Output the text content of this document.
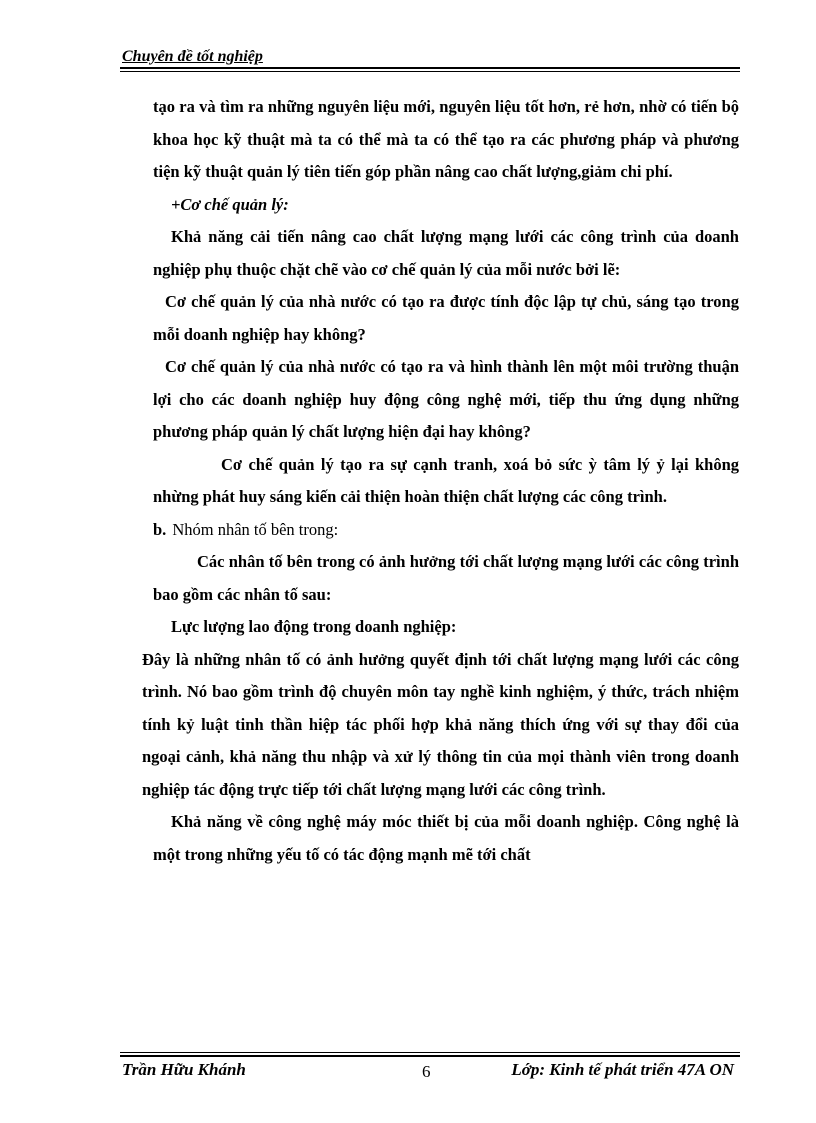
Chuyên đề tốt nghiệp

tạo ra và tìm ra những nguyên liệu mới, nguyên liệu tốt hơn, rẻ hơn, nhờ có tiến bộ khoa học kỹ thuật mà ta có thể mà ta có thể tạo ra các phương pháp và phương tiện kỹ thuật quản lý tiên tiến góp phần nâng cao chất lượng,giảm chi phí.

+Cơ chế quản lý:

Khả năng cải tiến nâng cao chất lượng mạng lưới các công trình của doanh nghiệp phụ thuộc chặt chẽ vào cơ chế quản lý của mỗi nước bởi lẽ:

Cơ chế quản lý của nhà nước có tạo ra được tính độc lập tự chủ, sáng tạo trong mỗi doanh nghiệp hay không?

Cơ chế quản lý của nhà nước có tạo ra và hình thành lên một môi trường thuận lợi cho các doanh nghiệp huy động công nghệ mới, tiếp thu ứng dụng những phương pháp quản lý chất lượng hiện đại hay không?

Cơ chế quản lý tạo ra sự cạnh tranh, xoá bỏ sức ỳ tâm lý ỷ lại không nhừng phát huy sáng kiến cải thiện hoàn thiện chất lượng các công trình.

b. Nhóm nhân tố bên trong:

Các nhân tố bên trong có ảnh hưởng tới chất lượng mạng lưới các công trình bao gồm các nhân tố sau:

Lực lượng lao động trong doanh nghiệp:

Đây là những nhân tố có ảnh hưởng quyết định tới chất lượng mạng lưới các công trình. Nó bao gồm trình độ chuyên môn tay nghề kinh nghiệm, ý thức, trách nhiệm tính kỷ luật tinh thần hiệp tác phối hợp khả năng thích ứng với sự thay đổi của ngoại cảnh, khả năng thu nhập và xử lý thông tin của mọi thành viên trong doanh nghiệp tác động trực tiếp tới chất lượng mạng lưới các công trình.

Khả năng về công nghệ máy móc thiết bị của mỗi doanh nghiệp. Công nghệ là một trong những yếu tố có tác động mạnh mẽ tới chất

Trần Hữu Khánh	6	Lớp: Kinh tế phát triển 47A ON
